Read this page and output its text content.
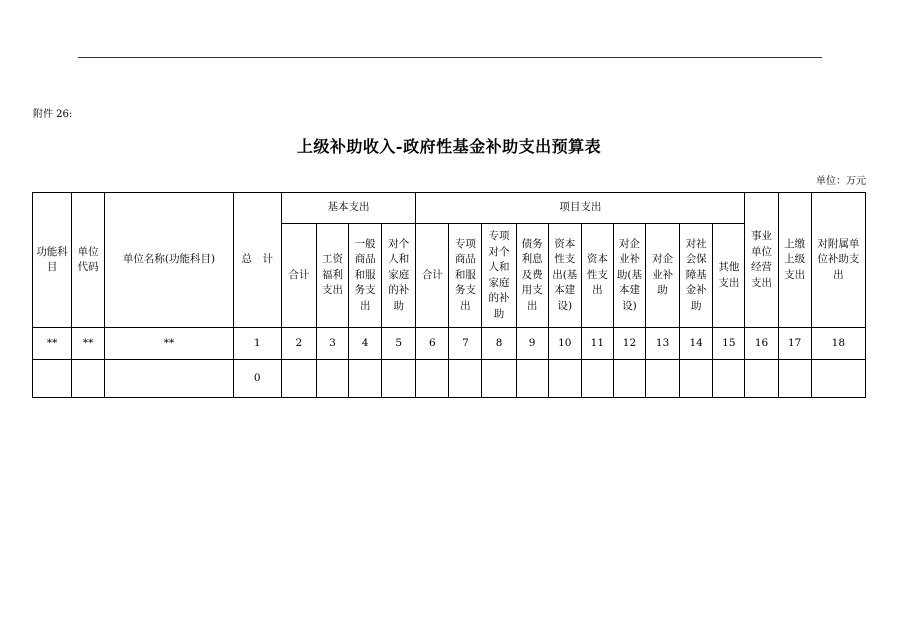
附件 26:
上级补助收入-政府性基金补助支出预算表
单位：万元
功能科目	单位代码	单位名称(功能科目)	总　计	基本支出				项目支出										事业单位经营支出	上缴上级支出	对附属单位补助支出
				合计	工资福利支出	一般商品和服务支出	对个人和家庭的补助	合计	专项商品和服务支出	专项对个人和家庭的补助	债务利息及费用支出	资本性支出(基本建设)	资本性支出	对企业补助(基本建设)	对企业补助	对社会保障基金补助	其他支出			
**	**	**	1	2	3	4	5	6	7	8	9	10	11	12	13	14	15	16	17	18
			0																	
